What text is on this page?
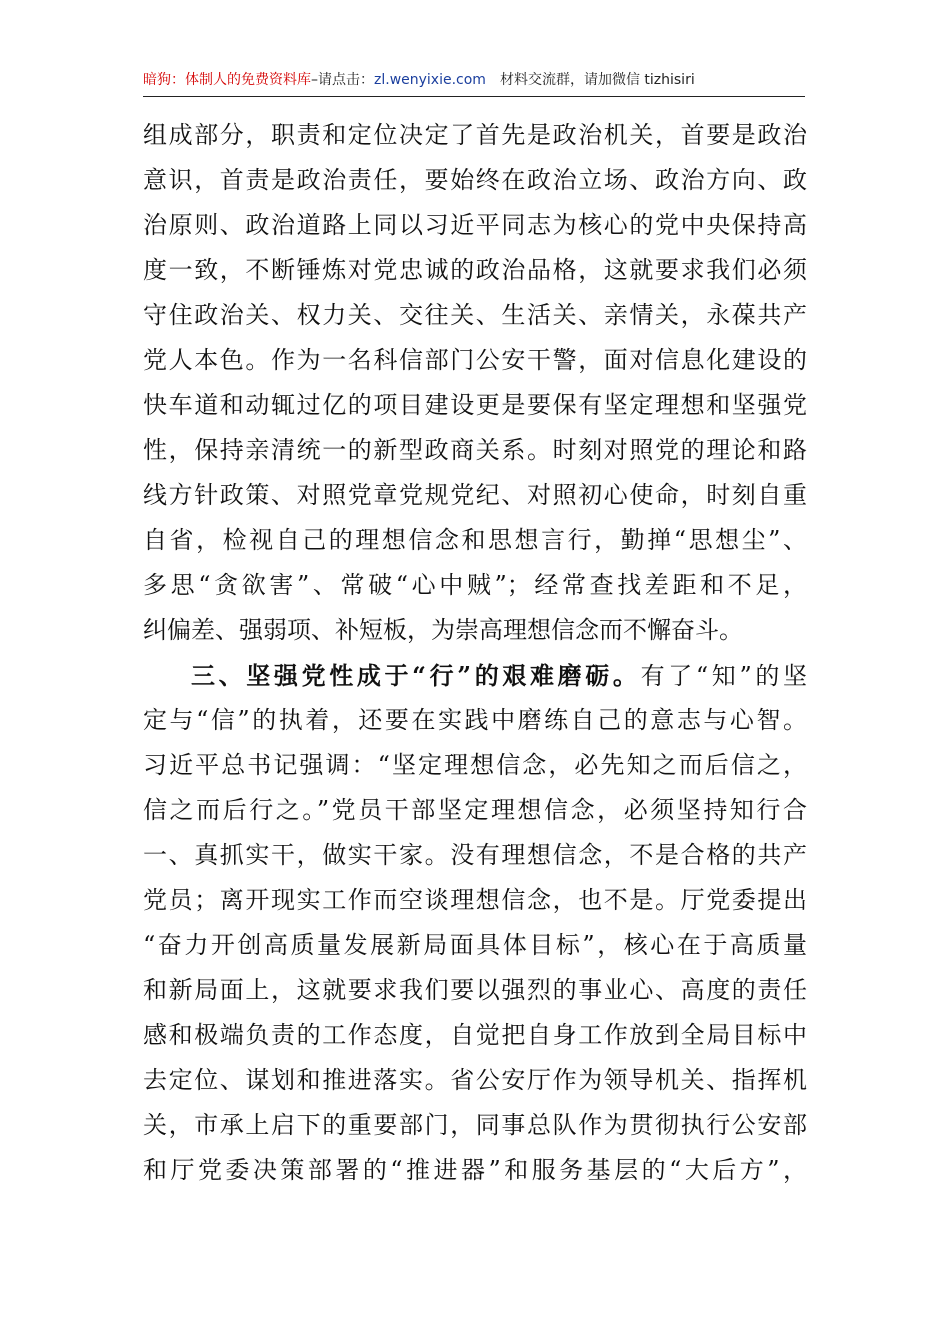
暗狗：体制人的免费资料库–请点击：zl.wenyixie.com 材料交流群，请加微信 tizhisiri
组成部分，职责和定位决定了首先是政治机关，首要是政治
意识，首责是政治责任，要始终在政治立场、政治方向、政
治原则、政治道路上同以习近平同志为核心的党中央保持高
度一致，不断锤炼对党忠诚的政治品格，这就要求我们必须
守住政治关、权力关、交往关、生活关、亲情关，永葆共产
党人本色。作为一名科信部门公安干警，面对信息化建设的
快车道和动辄过亿的项目建设更是要保有坚定理想和坚强党
性，保持亲清统一的新型政商关系。时刻对照党的理论和路
线方针政策、对照党章党规党纪、对照初心使命，时刻自重
自省，检视自己的理想信念和思想言行，勤掸“思想尘”、
多思“贪欲害”、常破“心中贼”；经常查找差距和不足，
纠偏差、强弱项、补短板，为崇高理想信念而不懈奋斗。
三、坚强党性成于“行”的艰难磨砺。有了“知”的坚
定与“信”的执着，还要在实践中磨练自己的意志与心智。
习近平总书记强调：“坚定理想信念，必先知之而后信之，
信之而后行之。”党员干部坚定理想信念，必须坚持知行合
一、真抓实干，做实干家。没有理想信念，不是合格的共产
党员；离开现实工作而空谈理想信念，也不是。厅党委提出
“奋力开创高质量发展新局面具体目标”，核心在于高质量
和新局面上，这就要求我们要以强烈的事业心、高度的责任
感和极端负责的工作态度，自觉把自身工作放到全局目标中
去定位、谋划和推进落实。省公安厅作为领导机关、指挥机
关，市承上启下的重要部门，同事总队作为贯彻执行公安部
和厅党委决策部署的“推进器”和服务基层的“大后方”，
